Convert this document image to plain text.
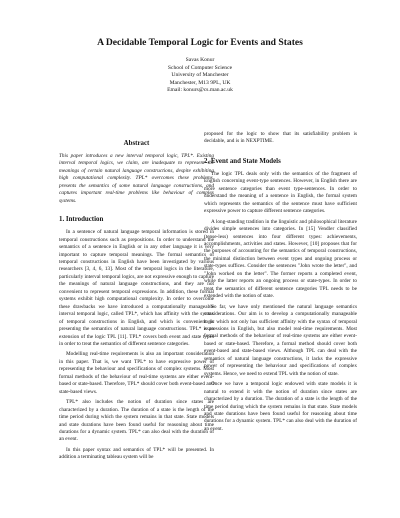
A Decidable Temporal Logic for Events and States
Savas Konur
School of Computer Science
University of Manchester
Manchester, M13 9PL, UK
Email: konurs@cs.man.ac.uk
Abstract
This paper introduces a new interval temporal logic, TPL*. Existing interval temporal logics, we claim, are inadequate to represent the meanings of certain natural language constructions, despite exhibiting high computational complexity. TPL* overcomes these problems, presents the semantics of some natural language constructions, and captures important real-time problems like behaviour of complex systems.
1. Introduction

In a sentence of natural language temporal information is stored in temporal constructions such as prepositions. In order to understand the semantics of a sentence in English or in any other language it is very important to capture temporal meanings. The formal semantics of temporal constructions in English have been investigated by various researchers [3, 4, 6, 13]. Most of the temporal logics in the literature, particularly interval temporal logics, are not expressive enough to capture the meanings of natural language constructions, and they are not convenient to represent temporal expressions. In addition, these formal systems exhibit high computational complexity. In order to overcome these drawbacks we have introduced a computationally manageable interval temporal logic, called TPL*, which has affinity with the syntax of temporal constructions in English, and which is convenient in presenting the semantics of natural language constructions. TPL* is an extension of the logic TPL [11]. TPL* covers both event and state types in order to treat the semantics of different sentence categories.

Modelling real-time requirements is also an important consideration in this paper. That is, we want TPL* to have expressive power of representing the behaviour and specifications of complex systems. Most formal methods of the behaviour of real-time systems are either event-based or state-based. Therefore, TPL* should cover both event-based and state-based views.

TPL* also includes the notion of duration since states are characterized by a duration. The duration of a state is the length of the time period during which the system remains in that state. State models and state durations have been found useful for reasoning about time durations for a dynamic system. TPL* can also deal with the duration of an event.

In this paper syntax and semantics of TPL* will be presented. In addition a terminating tableau system will be

proposed for the logic to show that its satisfiability problem is decidable, and is in NEXPTIME.

2. Event and State Models

The logic TPL deals only with the semantics of the fragment of English concerning event-type sentences. However, in English there are more sentence categories than event type-sentences. In order to understand the meaning of a sentence in English, the formal system which represents the semantics of the sentence must have sufficient expressive power to capture different sentence categories.

A long-standing tradition in the linguistic and philosophical literature divides simple sentences into categories. In [15] Vendler classified (tense-less) sentences into four different types: achievements, accomplishments, activities and states. However, [10] proposes that for the purposes of accounting for the semantics of temporal constructions, the minimal distinction between event types and ongoing process or state-types suffices. Consider the sentences "John wrote the letter", and "John worked on the letter". The former reports a completed event, while the latter reports an ongoing process or state-types. In order to treat the semantics of different sentence categories TPL needs to be extended with the notion of state.

So far, we have only mentioned the natural language semantics considerations. Our aim is to develop a computationally manageable logic which not only has sufficient affinity with the syntax of temporal expressions in English, but also model real-time requirements. Most formal methods of the behaviour of real-time systems are either event-based or state-based. Therefore, a formal method should cover both event-based and state-based views. Although TPL can deal with the semantics of natural language constructions, it lacks the expressive power of representing the behaviour and specifications of complex systems. Hence, we need to extend TPL with the notion of state.

Once we have a temporal logic endowed with state models it is natural to extend it with the notion of duration since states are characterized by a duration. The duration of a state is the length of the time period during which the system remains in that state. State models and state durations have been found useful for reasoning about time durations for a dynamic system. TPL* can also deal with the duration of an event.
